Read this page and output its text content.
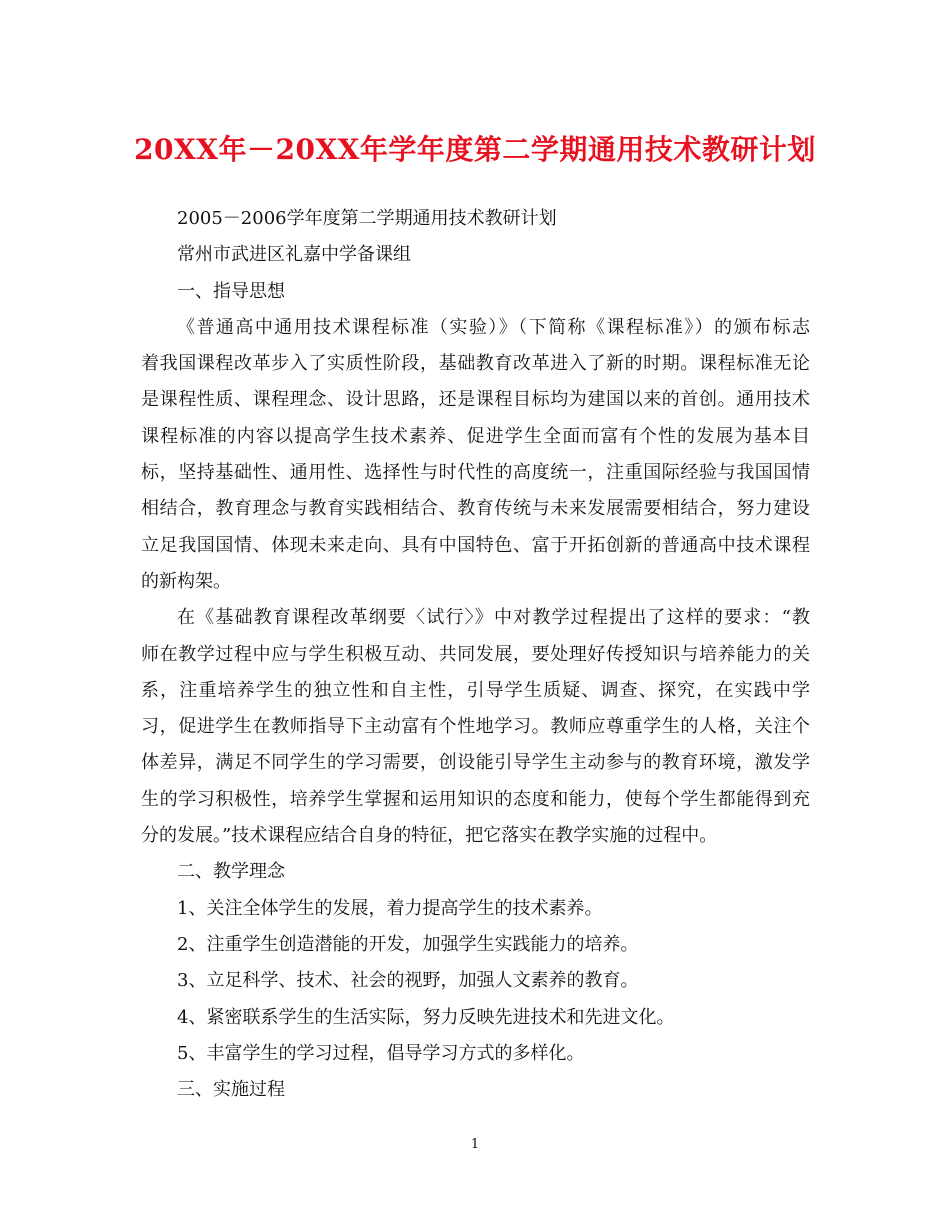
20XX年－20XX年学年度第二学期通用技术教研计划
2005－2006学年度第二学期通用技术教研计划
常州市武进区礼嘉中学备课组
一、指导思想
《普通高中通用技术课程标准（实验）》（下简称《课程标准》）的颁布标志
着我国课程改革步入了实质性阶段，基础教育改革进入了新的时期。课程标准无论
是课程性质、课程理念、设计思路，还是课程目标均为建国以来的首创。通用技术
课程标准的内容以提高学生技术素养、促进学生全面而富有个性的发展为基本目
标，坚持基础性、通用性、选择性与时代性的高度统一，注重国际经验与我国国情
相结合，教育理念与教育实践相结合、教育传统与未来发展需要相结合，努力建设
立足我国国情、体现未来走向、具有中国特色、富于开拓创新的普通高中技术课程
的新构架。
在《基础教育课程改革纲要〈试行〉》中对教学过程提出了这样的要求：“教
师在教学过程中应与学生积极互动、共同发展，要处理好传授知识与培养能力的关
系，注重培养学生的独立性和自主性，引导学生质疑、调查、探究，在实践中学
习，促进学生在教师指导下主动富有个性地学习。教师应尊重学生的人格，关注个
体差异，满足不同学生的学习需要，创设能引导学生主动参与的教育环境，激发学
生的学习积极性，培养学生掌握和运用知识的态度和能力，使每个学生都能得到充
分的发展。”技术课程应结合自身的特征，把它落实在教学实施的过程中。
二、教学理念
1、关注全体学生的发展，着力提高学生的技术素养。
2、注重学生创造潜能的开发，加强学生实践能力的培养。
3、立足科学、技术、社会的视野，加强人文素养的教育。
4、紧密联系学生的生活实际，努力反映先进技术和先进文化。
5、丰富学生的学习过程，倡导学习方式的多样化。
三、实施过程
1
